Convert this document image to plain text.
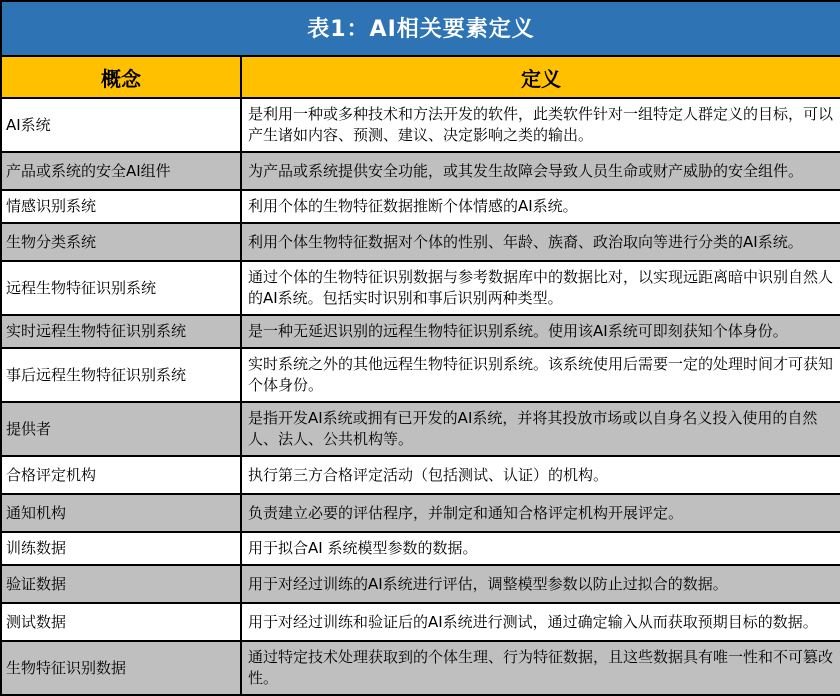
表1：AI相关要素定义
概念	定义
AI系统	是利用一种或多种技术和方法开发的软件，此类软件针对一组特定人群定义的目标，可以产生诸如内容、预测、建议、决定影响之类的输出。
产品或系统的安全AI组件	为产品或系统提供安全功能，或其发生故障会导致人员生命或财产威胁的安全组件。
情感识别系统	利用个体的生物特征数据推断个体情感的AI系统。
生物分类系统	利用个体生物特征数据对个体的性别、年龄、族裔、政治取向等进行分类的AI系统。
远程生物特征识别系统	通过个体的生物特征识别数据与参考数据库中的数据比对，以实现远距离暗中识别自然人的AI系统。包括实时识别和事后识别两种类型。
实时远程生物特征识别系统	是一种无延迟识别的远程生物特征识别系统。使用该AI系统可即刻获知个体身份。
事后远程生物特征识别系统	实时系统之外的其他远程生物特征识别系统。该系统使用后需要一定的处理时间才可获知个体身份。
提供者	是指开发AI系统或拥有已开发的AI系统，并将其投放市场或以自身名义投入使用的自然人、法人、公共机构等。
合格评定机构	执行第三方合格评定活动（包括测试、认证）的机构。
通知机构	负责建立必要的评估程序，并制定和通知合格评定机构开展评定。
训练数据	用于拟合AI 系统模型参数的数据。
验证数据	用于对经过训练的AI系统进行评估，调整模型参数以防止过拟合的数据。
测试数据	用于对经过训练和验证后的AI系统进行测试，通过确定输入从而获取预期目标的数据。
生物特征识别数据	通过特定技术处理获取到的个体生理、行为特征数据，且这些数据具有唯一性和不可篡改性。
